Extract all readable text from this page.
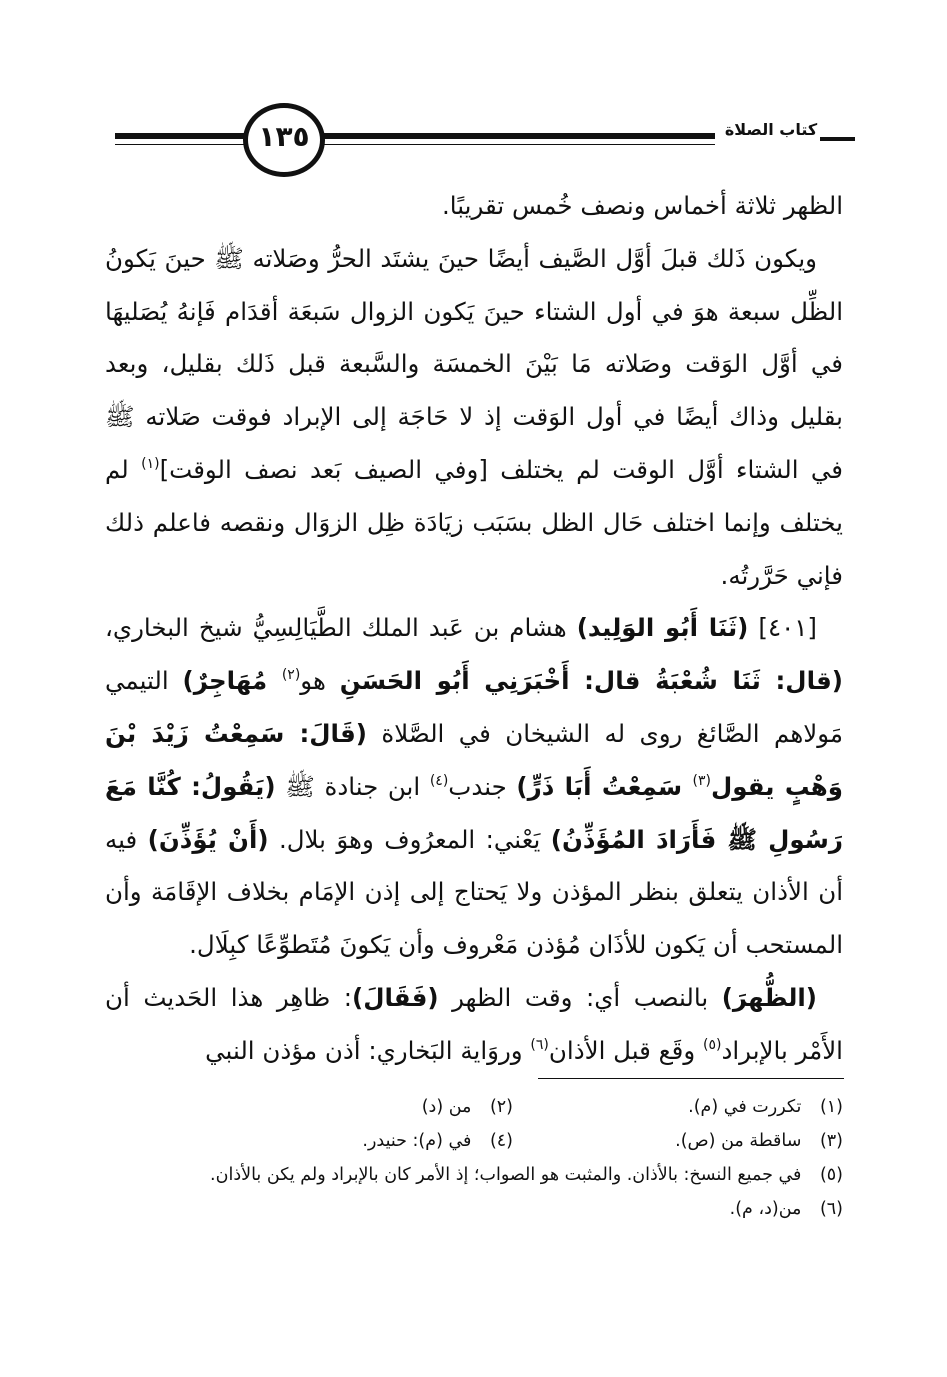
١٣٥	كتاب الصلاة

الظهر ثلاثة أخماس ونصف خُمس تقريبًا.

ويكون ذَلك قبلَ أوَّل الصَّيف أيضًا حينَ يشتَد الحرُّ وصَلاته ﷺ حينَ يَكونُ الظِّل سبعة هوَ في أول الشتاء حينَ يَكون الزوال سَبعَة أقدَام فَإنهُ يُصَليهَا في أوَّل الوَقت وصَلاته مَا بَيْنَ الخمسَة والسَّبعة قبل ذَلك بقليل، وبعد بقليل وذاك أيضًا في أول الوَقت إذ لا حَاجَة إلى الإبراد فوقت صَلاته ﷺ في الشتاء أوَّل الوقت لم يختلف [وفي الصيف بَعد نصف الوقت]$^{(١)}$ لم يختلف وإنما اختلف حَال الظل بسَبَب زيَادَة ظِل الزوَال ونقصه فاعلم ذلك فإني حَرَّرتُه.

[٤٠١] (ثَنَا أَبُو الوَلِيد) هشام بن عَبد الملك الطَّيَالِسِيُّ شيخ البخاري، (قال: ثَنَا شُعْبَةُ قال: أَخْبَرَنِي أَبُو الحَسَنِ هو$^{(٢)}$ مُهَاجِرٌ) التيمي مَولاهم الصَّائغ روى له الشيخان في الصَّلاة (قَالَ: سَمِعْتُ زَيْدَ بْنَ وَهْبٍ يقول$^{(٣)}$ سَمِعْتُ أَبَا ذَرٍّ) جندب$^{(٤)}$ ابن جنادة ﷺ (يَقُولُ: كُنَّا مَعَ رَسُولِ ﷺ فَأَرَادَ المُؤَذِّنُ) يَعْني: المعرُوف وهوَ بلال. (أَنْ يُؤَذِّنَ) فيه أن الأذان يتعلق بنظر المؤذن ولا يَحتاج إلى إذن الإمَام بخلاف الإقَامَة وأن المستحب أن يَكون للأذَان مُؤذن مَعْروف وأن يَكونَ مُتَطوِّعًا كبِلَال.

(الظُّهرَ) بالنصب أي: وقت الظهر (فَقَالَ): ظاهِر هذا الحَديث أن الأَمْر بالإبراد$^{(٥)}$ وقَع قبل الأذان$^{(٦)}$ وروَاية البَخاري: أذن مؤذن النبي

(١) تكررت في (م).
(٢) من (د)
(٣) ساقطة من (ص).
(٤) في (م): حنيدر.
(٥) في جميع النسخ: بالأذان. والمثبت هو الصواب؛ إذ الأمر كان بالإبراد ولم يكن بالأذان.
(٦) من(د، م).
